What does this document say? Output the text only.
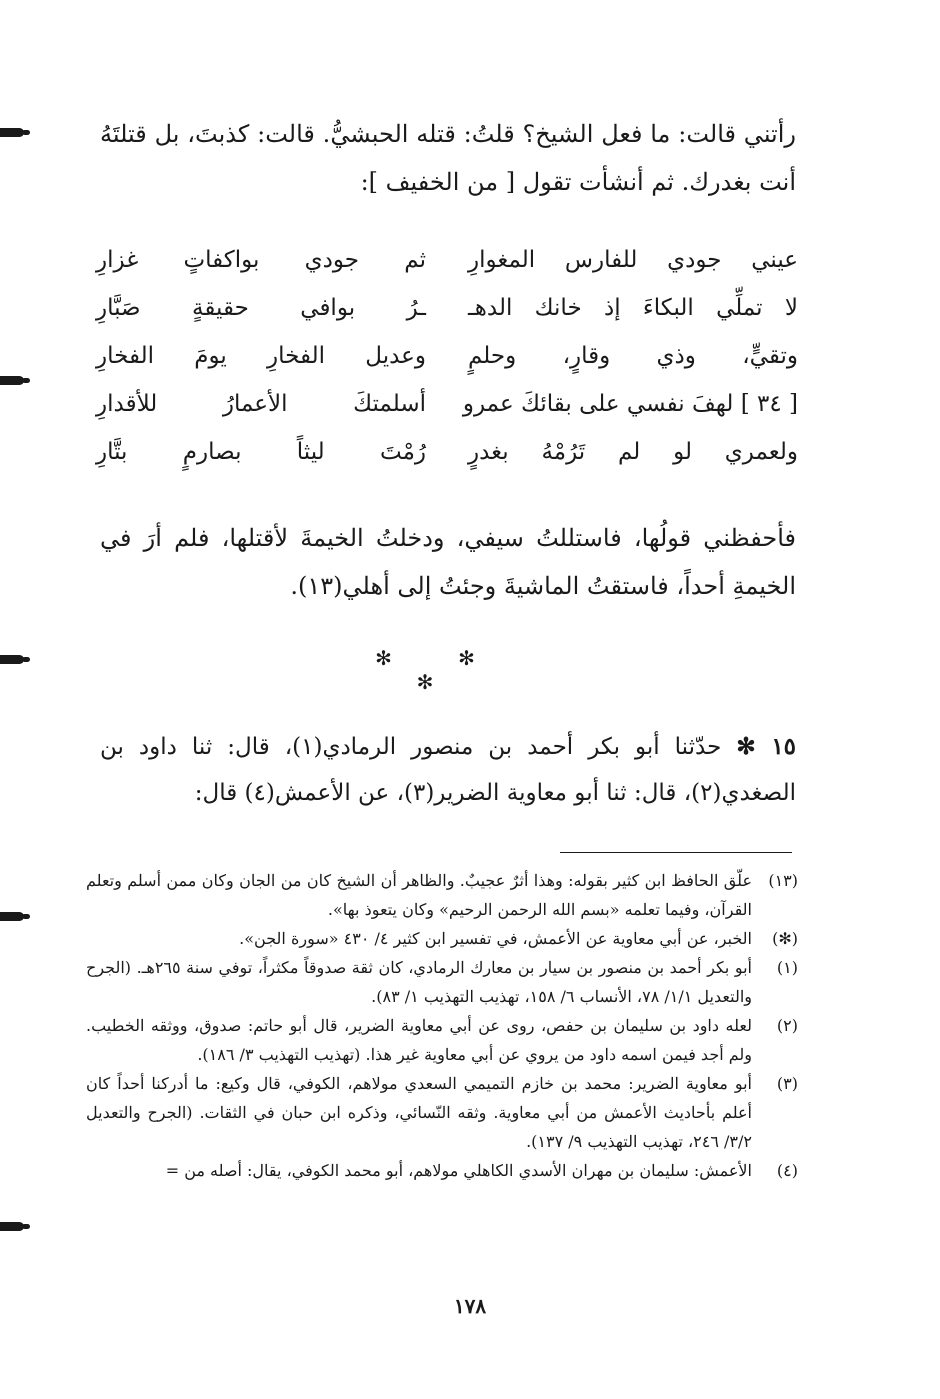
رأتني قالت: ما فعل الشيخ؟ قلتُ: قتله الحبشيُّ. قالت: كذبتَ، بل قتلتَهُ أنت بغدرك. ثم أنشأت تقول [ من الخفيف ]:
عيني جودي للفارس المغوارِ
ثم جودي بواكفاتٍ غزارِ
لا تملِّي البكاءَ إذ خانك الدهـ
ـرُ بوافي حقيقةٍ صَبَّارِ
وتقيٍّ، وذي وقارٍ، وحلمٍ
وعديل الفخارِ يومَ الفخارِ
[ ٣٤ ] لهفَ نفسي على بقائكَ عمرو
أسلمتكَ الأعمارُ للأقدارِ
ولعمري لو لم تَرُمْهُ بغدرٍ
رُمْتَ ليثاً بصارمٍ بتَّارِ
فأحفظني قولُها، فاستللتُ سيفي، ودخلتُ الخيمةَ لأقتلها، فلم أرَ في الخيمةِ أحداً، فاستقتُ الماشيةَ وجئتُ إلى أهلي(١٣).
✻ ✻ ✻
١٥ ✻ حدّثنا أبو بكر أحمد بن منصور الرمادي(١)، قال: ثنا داود بن الصغدي(٢)، قال: ثنا أبو معاوية الضرير(٣)، عن الأعمش(٤) قال:
(١٣)
علّق الحافظ ابن كثير بقوله: وهذا أثرٌ عجيبٌ. والظاهر أن الشيخ كان من الجان وكان ممن أسلم وتعلم القرآن، وفيما تعلمه «بسم الله الرحمن الرحيم» وكان يتعوذ بها».
(✻)
الخبر، عن أبي معاوية عن الأعمش، في تفسير ابن كثير ٤/ ٤٣٠ «سورة الجن».
(١)
أبو بكر أحمد بن منصور بن سيار بن معارك الرمادي، كان ثقة صدوقاً مكثراً، توفي سنة ٢٦٥هـ. (الجرح والتعديل ١/١/ ٧٨، الأنساب ٦/ ١٥٨، تهذيب التهذيب ١/ ٨٣).
(٢)
لعله داود بن سليمان بن حفص، روى عن أبي معاوية الضرير، قال أبو حاتم: صدوق، ووثقه الخطيب. ولم أجد فيمن اسمه داود من يروي عن أبي معاوية غير هذا. (تهذيب التهذيب ٣/ ١٨٦).
(٣)
أبو معاوية الضرير: محمد بن خازم التميمي السعدي مولاهم، الكوفي، قال وكيع: ما أدركنا أحداً كان أعلم بأحاديث الأعمش من أبي معاوية. وثقه النّسائي، وذكره ابن حبان في الثقات. (الجرح والتعديل ٣/٢/ ٢٤٦، تهذيب التهذيب ٩/ ١٣٧).
(٤)
الأعمش: سليمان بن مهران الأسدي الكاهلي مولاهم، أبو محمد الكوفي، يقال: أصله من =
١٧٨
